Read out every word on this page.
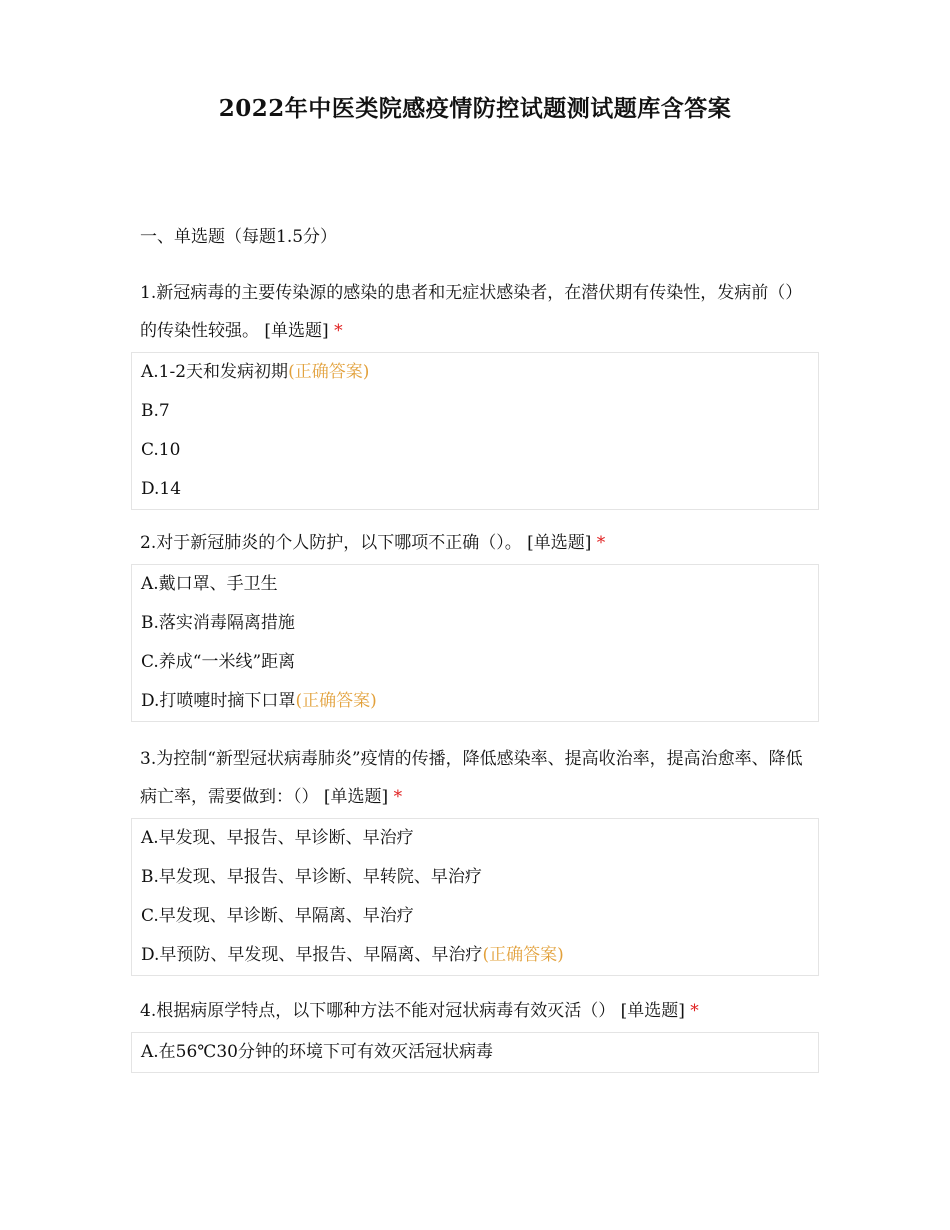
2022年中医类院感疫情防控试题测试题库含答案

一、单选题（每题1.5分）

1.新冠病毒的主要传染源的感染的患者和无症状感染者，在潜伏期有传染性，发病前（）的传染性较强。 [单选题] *

A.1-2天和发病初期(正确答案)
B.7
C.10
D.14

2.对于新冠肺炎的个人防护，以下哪项不正确（）。 [单选题] *

A.戴口罩、手卫生
B.落实消毒隔离措施
C.养成“一米线”距离
D.打喷嚏时摘下口罩(正确答案)

3.为控制“新型冠状病毒肺炎”疫情的传播，降低感染率、提高收治率，提高治愈率、降低病亡率，需要做到：（） [单选题] *

A.早发现、早报告、早诊断、早治疗
B.早发现、早报告、早诊断、早转院、早治疗
C.早发现、早诊断、早隔离、早治疗
D.早预防、早发现、早报告、早隔离、早治疗(正确答案)

4.根据病原学特点，以下哪种方法不能对冠状病毒有效灭活（） [单选题] *

A.在56℃30分钟的环境下可有效灭活冠状病毒
